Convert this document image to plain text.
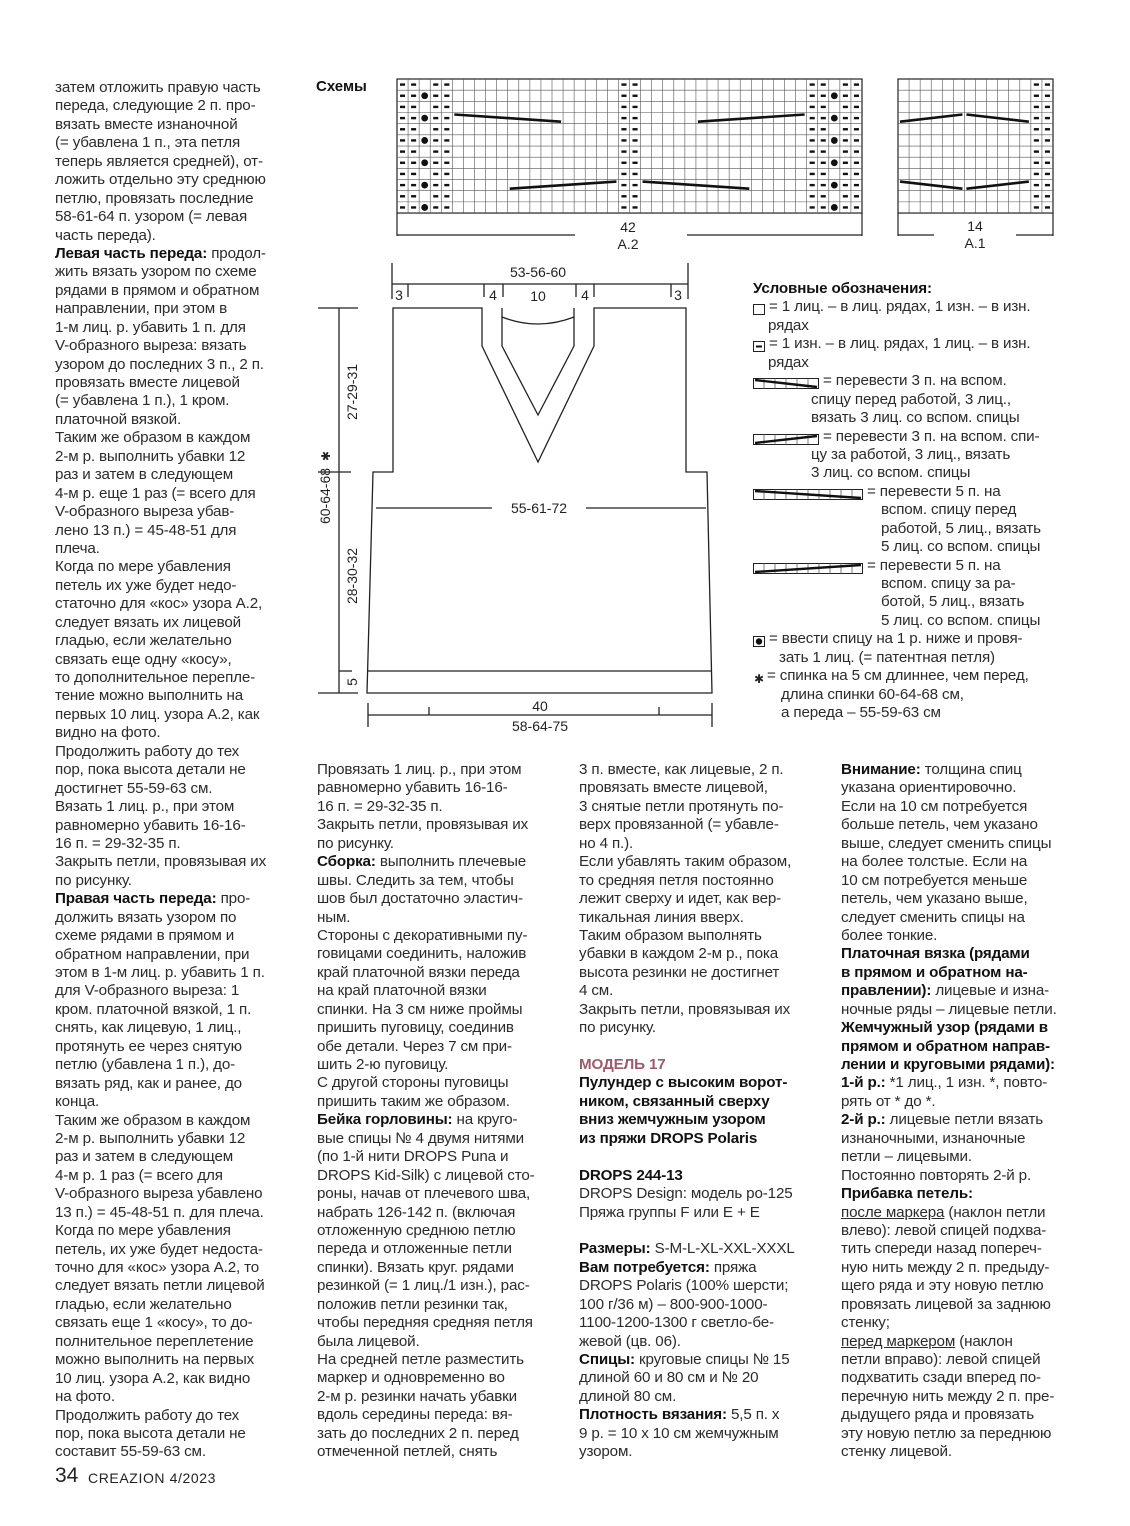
Схемы
42
A.2
14
A.1
53-56-60
3	4 10	4	3
55-61-72
40
58-64-75
27-29-31
28-30-32
5
60-64-68
✱
Условные обозначения:
= 1 лиц. – в лиц. рядах, 1 изн. – в изн.
рядах
= 1 изн. – в лиц. рядах, 1 лиц. – в изн.
рядах
= перевести 3 п. на вспом.
спицу перед работой, 3 лиц.,
вязать 3 лиц. со вспом. спицы
= перевести 3 п. на вспом. спи-
цу за работой, 3 лиц., вязать
3 лиц. со вспом. спицы
= перевести 5 п. на
вспом. спицу перед
работой, 5 лиц., вязать
5 лиц. со вспом. спицы
= перевести 5 п. на
вспом. спицу за ра-
ботой, 5 лиц., вязать
5 лиц. со вспом. спицы
= ввести спицу на 1 р. ниже и провя-
зать 1 лиц. (= патентная петля)
✱ = спинка на 5 см длиннее, чем перед,
длина спинки 60-64-68 см,
а переда – 55-59-63 см
затем отложить правую часть
переда, следующие 2 п. про-
вязать вместе изнаночной
(= убавлена 1 п., эта петля
теперь является средней), от-
ложить отдельно эту среднюю
петлю, провязать последние
58-61-64 п. узором (= левая
часть переда).
Левая часть переда: продол-
жить вязать узором по схеме
рядами в прямом и обратном
направлении, при этом в
1-м лиц. р. убавить 1 п. для
V-образного выреза: вязать
узором до последних 3 п., 2 п.
провязать вместе лицевой
(= убавлена 1 п.), 1 кром.
платочной вязкой.
Таким же образом в каждом
2-м р. выполнить убавки 12
раз и затем в следующем
4-м р. еще 1 раз (= всего для
V-образного выреза убав-
лено 13 п.) = 45-48-51 для
плеча.
Когда по мере убавления
петель их уже будет недо-
статочно для «кос» узора А.2,
следует вязать их лицевой
гладью, если желательно
связать еще одну «косу»,
то дополнительное перепле-
тение можно выполнить на
первых 10 лиц. узора А.2, как
видно на фото.
Продолжить работу до тех
пор, пока высота детали не
достигнет 55-59-63 см.
Вязать 1 лиц. р., при этом
равномерно убавить 16-16-
16 п. = 29-32-35 п.
Закрыть петли, провязывая их
по рисунку.
Правая часть переда: про-
должить вязать узором по
схеме рядами в прямом и
обратном направлении, при
этом в 1-м лиц. р. убавить 1 п.
для V-образного выреза: 1
кром. платочной вязкой, 1 п.
снять, как лицевую, 1 лиц.,
протянуть ее через снятую
петлю (убавлена 1 п.), до-
вязать ряд, как и ранее, до
конца.
Таким же образом в каждом
2-м р. выполнить убавки 12
раз и затем в следующем
4-м р. 1 раз (= всего для
V-образного выреза убавлено
13 п.) = 45-48-51 п. для плеча.
Когда по мере убавления
петель, их уже будет недоста-
точно для «кос» узора А.2, то
следует вязать петли лицевой
гладью, если желательно
связать еще 1 «косу», то до-
полнительное переплетение
можно выполнить на первых
10 лиц. узора А.2, как видно
на фото.
Продолжить работу до тех
пор, пока высота детали не
составит 55-59-63 см.
Провязать 1 лиц. р., при этом
равномерно убавить 16-16-
16 п. = 29-32-35 п.
Закрыть петли, провязывая их
по рисунку.
Сборка: выполнить плечевые
швы. Следить за тем, чтобы
шов был достаточно эластич-
ным.
Стороны с декоративными пу-
говицами соединить, наложив
край платочной вязки переда
на край платочной вязки
спинки. На 3 см ниже проймы
пришить пуговицу, соединив
обе детали. Через 7 см при-
шить 2-ю пуговицу.
С другой стороны пуговицы
пришить таким же образом.
Бейка горловины: на круго-
вые спицы № 4 двумя нитями
(по 1-й нити DROPS Puna и
DROPS Kid-Silk) с лицевой сто-
роны, начав от плечевого шва,
набрать 126-142 п. (включая
отложенную среднюю петлю
переда и отложенные петли
спинки). Вязать круг. рядами
резинкой (= 1 лиц./1 изн.), рас-
положив петли резинки так,
чтобы передняя средняя петля
была лицевой.
На средней петле разместить
маркер и одновременно во
2-м р. резинки начать убавки
вдоль середины переда: вя-
зать до последних 2 п. перед
отмеченной петлей, снять
3 п. вместе, как лицевые, 2 п.
провязать вместе лицевой,
3 снятые петли протянуть по-
верх провязанной (= убавле-
но 4 п.).
Если убавлять таким образом,
то средняя петля постоянно
лежит сверху и идет, как вер-
тикальная линия вверх.
Таким образом выполнять
убавки в каждом 2-м р., пока
высота резинки не достигнет
4 см.
Закрыть петли, провязывая их
по рисунку.
МОДЕЛЬ 17
Пулундер с высоким ворот-
ником, связанный сверху
вниз жемчужным узором
из пряжи DROPS Polaris
DROPS 244-13
DROPS Design: модель ро-125
Пряжа группы F или E + E
Размеры: S-M-L-XL-XXL-XXXL
Вам потребуется: пряжа
DROPS Polaris (100% шерсти;
100 г/36 м) – 800-900-1000-
1100-1200-1300 г светло-бе-
жевой (цв. 06).
Спицы: круговые спицы № 15
длиной 60 и 80 см и № 20
длиной 80 см.
Плотность вязания: 5,5 п. х
9 р. = 10 х 10 см жемчужным
узором.
Внимание: толщина спиц
указана ориентировочно.
Если на 10 см потребуется
больше петель, чем указано
выше, следует сменить спицы
на более толстые. Если на
10 см потребуется меньше
петель, чем указано выше,
следует сменить спицы на
более тонкие.
Платочная вязка (рядами
в прямом и обратном на-
правлении): лицевые и изна-
ночные ряды – лицевые петли.
Жемчужный узор (рядами в
прямом и обратном направ-
лении и круговыми рядами):
1-й р.: *1 лиц., 1 изн. *, повто-
рять от * до *.
2-й р.: лицевые петли вязать
изнаночными, изнаночные
петли – лицевыми.
Постоянно повторять 2-й р.
Прибавка петель:
после маркера (наклон петли
влево): левой спицей подхва-
тить спереди назад попереч-
ную нить между 2 п. предыду-
щего ряда и эту новую петлю
провязать лицевой за заднюю
стенку;
перед маркером (наклон
петли вправо): левой спицей
подхватить сзади вперед по-
перечную нить между 2 п. пре-
дыдущего ряда и провязать
эту новую петлю за переднюю
стенку лицевой.
34 CREAZION 4/2023
